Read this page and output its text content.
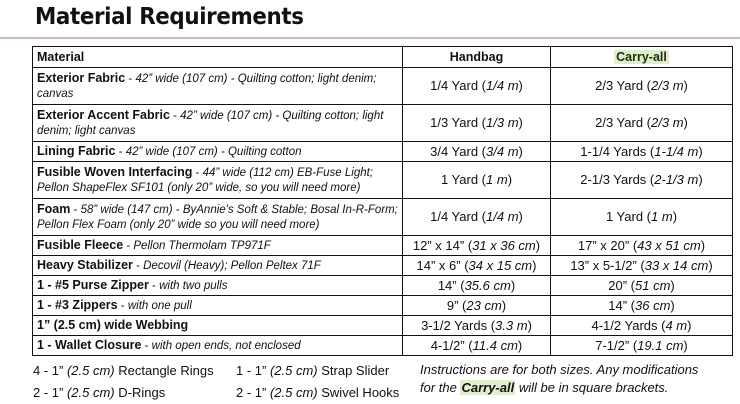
Material Requirements
Material	Handbag	Carry-all
Exterior Fabric - 42” wide (107 cm) - Quilting cotton; light denim; canvas	1/4 Yard (1/4 m)	2/3 Yard (2/3 m)
Exterior Accent Fabric - 42” wide (107 cm) - Quilting cotton; light denim; light canvas	1/3 Yard (1/3 m)	2/3 Yard (2/3 m)
Lining Fabric - 42” wide (107 cm) - Quilting cotton	3/4 Yard (3/4 m)	1-1/4 Yards (1-1/4 m)
Fusible Woven Interfacing - 44” wide (112 cm) EB-Fuse Light; Pellon ShapeFlex SF101 (only 20” wide, so you will need more)	1 Yard (1 m)	2-1/3 Yards (2-1/3 m)
Foam - 58” wide (147 cm) - ByAnnie's Soft & Stable; Bosal In-R-Form; Pellon Flex Foam (only 20” wide so you will need more)	1/4 Yard (1/4 m)	1 Yard (1 m)
Fusible Fleece - Pellon Thermolam TP971F	12” x 14” (31 x 36 cm)	17” x 20” (43 x 51 cm)
Heavy Stabilizer - Decovil (Heavy); Pellon Peltex 71F	14” x 6” (34 x 15 cm)	13” x 5-1/2” (33 x 14 cm)
1 - #5 Purse Zipper - with two pulls	14” (35.6 cm)	20” (51 cm)
1 - #3 Zippers - with one pull	9” (23 cm)	14” (36 cm)
1” (2.5 cm) wide Webbing	3-1/2 Yards (3.3 m)	4-1/2 Yards (4 m)
1 - Wallet Closure - with open ends, not enclosed	4-1/2” (11.4 cm)	7-1/2” (19.1 cm)
4 - 1” (2.5 cm) Rectangle Rings 1 - 1” (2.5 cm) Strap Slider
2 - 1” (2.5 cm) D-Rings	2 - 1” (2.5 cm) Swivel Hooks
Instructions are for both sizes. Any modifications
for the Carry-all will be in square brackets.
